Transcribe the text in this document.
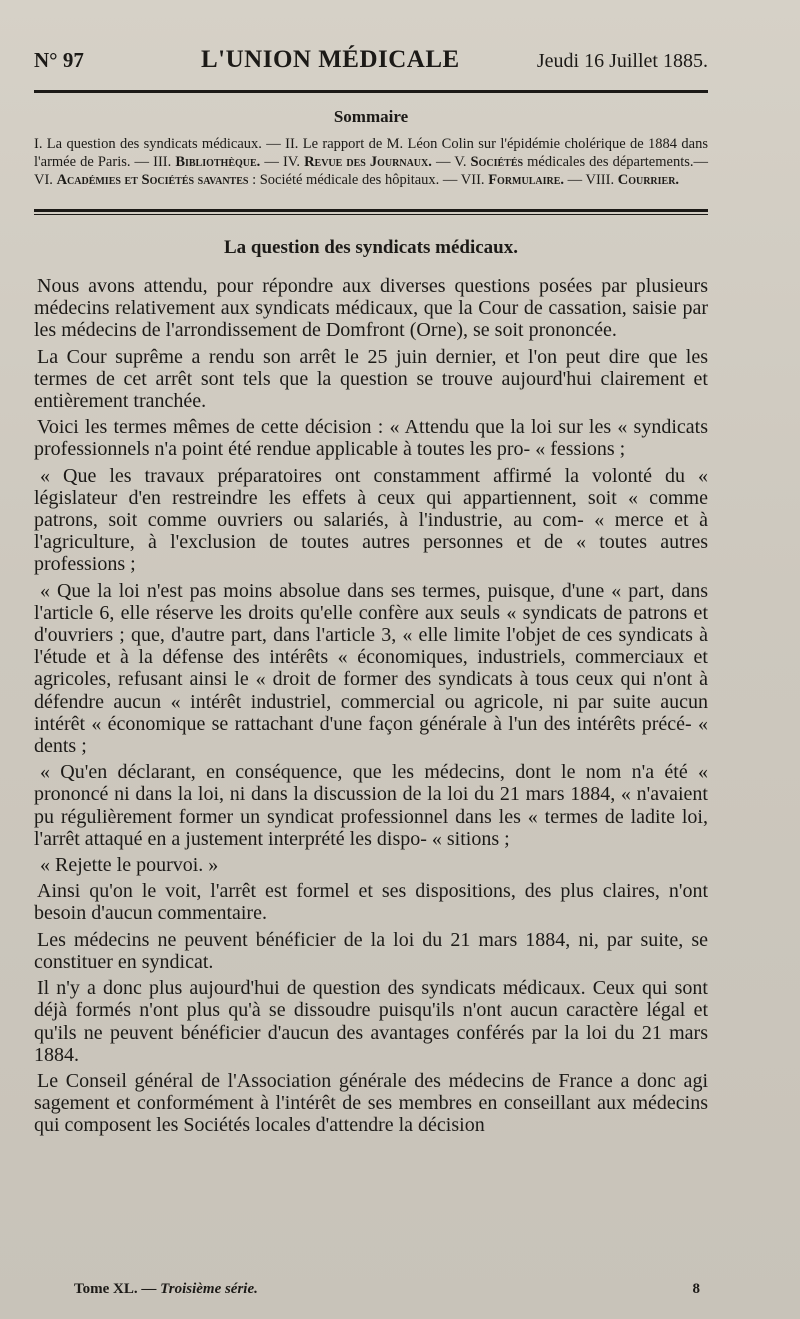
N° 97	L'UNION MÉDICALE	Jeudi 16 Juillet 1885.
Sommaire

I. La question des syndicats médicaux. — II. Le rapport de M. Léon Colin sur l'épidémie cholérique de 1884 dans l'armée de Paris. — III. Bibliothèque. — IV. Revue des Journaux. — V. Sociétés médicales des départements.— VI. Académies et Sociétés savantes : Société médicale des hôpitaux. — VII. Formulaire. — VIII. Courrier.

La question des syndicats médicaux.

Nous avons attendu, pour répondre aux diverses questions posées par plusieurs médecins relativement aux syndicats médicaux, que la Cour de cassation, saisie par les médecins de l'arrondissement de Domfront (Orne), se soit prononcée.

La Cour suprême a rendu son arrêt le 25 juin dernier, et l'on peut dire que les termes de cet arrêt sont tels que la question se trouve aujourd'hui clairement et entièrement tranchée.

Voici les termes mêmes de cette décision : « Attendu que la loi sur les « syndicats professionnels n'a point été rendue applicable à toutes les pro- « fessions ;

« Que les travaux préparatoires ont constamment affirmé la volonté du « législateur d'en restreindre les effets à ceux qui appartiennent, soit « comme patrons, soit comme ouvriers ou salariés, à l'industrie, au com- « merce et à l'agriculture, à l'exclusion de toutes autres personnes et de « toutes autres professions ;

« Que la loi n'est pas moins absolue dans ses termes, puisque, d'une « part, dans l'article 6, elle réserve les droits qu'elle confère aux seuls « syndicats de patrons et d'ouvriers ; que, d'autre part, dans l'article 3, « elle limite l'objet de ces syndicats à l'étude et à la défense des intérêts « économiques, industriels, commerciaux et agricoles, refusant ainsi le « droit de former des syndicats à tous ceux qui n'ont à défendre aucun « intérêt industriel, commercial ou agricole, ni par suite aucun intérêt « économique se rattachant d'une façon générale à l'un des intérêts précé- « dents ;

« Qu'en déclarant, en conséquence, que les médecins, dont le nom n'a été « prononcé ni dans la loi, ni dans la discussion de la loi du 21 mars 1884, « n'avaient pu régulièrement former un syndicat professionnel dans les « termes de ladite loi, l'arrêt attaqué en a justement interprété les dispo- « sitions ;

« Rejette le pourvoi. »

Ainsi qu'on le voit, l'arrêt est formel et ses dispositions, des plus claires, n'ont besoin d'aucun commentaire.

Les médecins ne peuvent bénéficier de la loi du 21 mars 1884, ni, par suite, se constituer en syndicat.

Il n'y a donc plus aujourd'hui de question des syndicats médicaux. Ceux qui sont déjà formés n'ont plus qu'à se dissoudre puisqu'ils n'ont aucun caractère légal et qu'ils ne peuvent bénéficier d'aucun des avantages conférés par la loi du 21 mars 1884.

Le Conseil général de l'Association générale des médecins de France a donc agi sagement et conformément à l'intérêt de ses membres en conseillant aux médecins qui composent les Sociétés locales d'attendre la décision

Tome XL. — Troisième série.	8
